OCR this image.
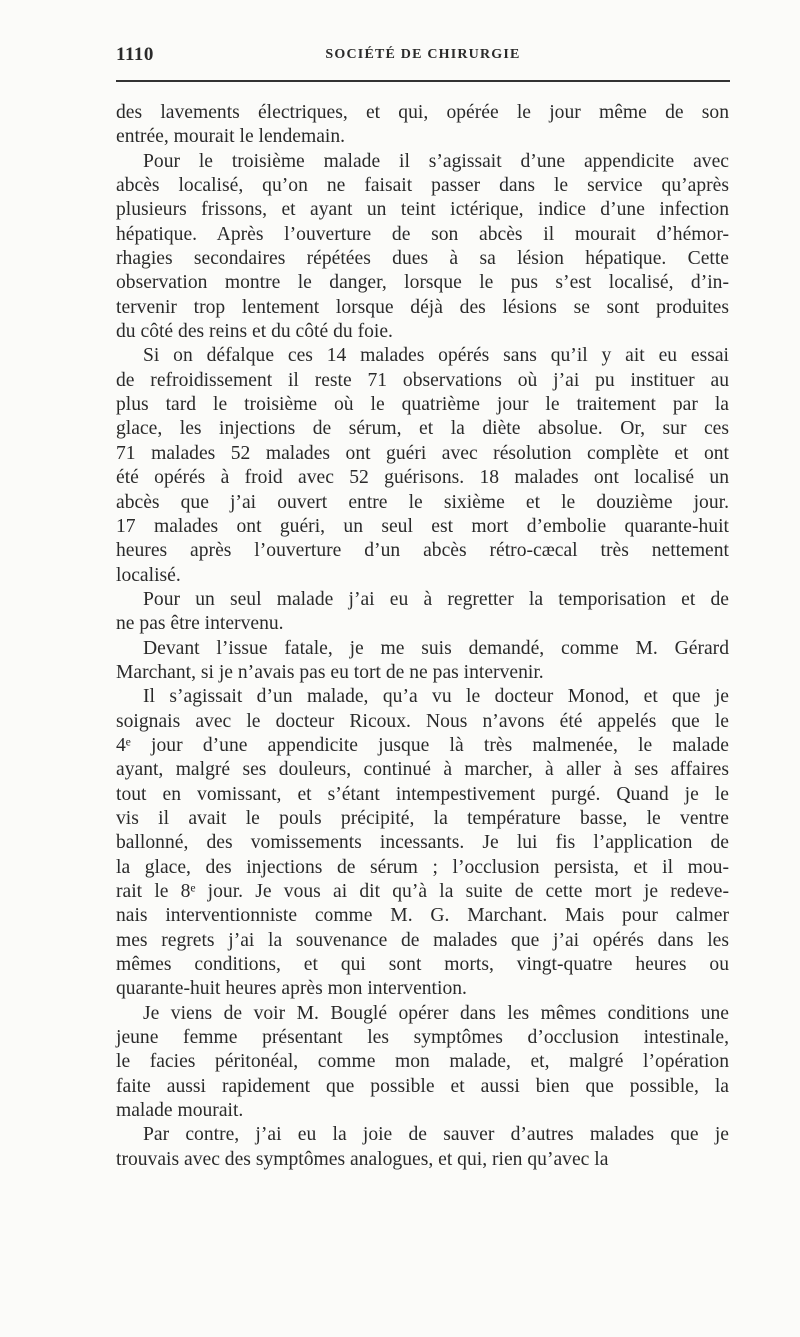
1110	SOCIÉTÉ DE CHIRURGIE
des lavements électriques, et qui, opérée le jour même de son
entrée, mourait le lendemain.
Pour le troisième malade il s’agissait d’une appendicite avec
abcès localisé, qu’on ne faisait passer dans le service qu’après
plusieurs frissons, et ayant un teint ictérique, indice d’une infection
hépatique. Après l’ouverture de son abcès il mourait d’hémor-
rhagies secondaires répétées dues à sa lésion hépatique. Cette
observation montre le danger, lorsque le pus s’est localisé, d’in-
tervenir trop lentement lorsque déjà des lésions se sont produites
du côté des reins et du côté du foie.
Si on défalque ces 14 malades opérés sans qu’il y ait eu essai
de refroidissement il reste 71 observations où j’ai pu instituer au
plus tard le troisième où le quatrième jour le traitement par la
glace, les injections de sérum, et la diète absolue. Or, sur ces
71 malades 52 malades ont guéri avec résolution complète et ont
été opérés à froid avec 52 guérisons. 18 malades ont localisé un
abcès que j’ai ouvert entre le sixième et le douzième jour.
17 malades ont guéri, un seul est mort d’embolie quarante-huit
heures après l’ouverture d’un abcès rétro-cæcal très nettement
localisé.
Pour un seul malade j’ai eu à regretter la temporisation et de
ne pas être intervenu.
Devant l’issue fatale, je me suis demandé, comme M. Gérard
Marchant, si je n’avais pas eu tort de ne pas intervenir.
Il s’agissait d’un malade, qu’a vu le docteur Monod, et que je
soignais avec le docteur Ricoux. Nous n’avons été appelés que le
4ᵉ jour d’une appendicite jusque là très malmenée, le malade
ayant, malgré ses douleurs, continué à marcher, à aller à ses affaires
tout en vomissant, et s’étant intempestivement purgé. Quand je le
vis il avait le pouls précipité, la température basse, le ventre
ballonné, des vomissements incessants. Je lui fis l’application de
la glace, des injections de sérum ; l’occlusion persista, et il mou-
rait le 8ᵉ jour. Je vous ai dit qu’à la suite de cette mort je redeve-
nais interventionniste comme M. G. Marchant. Mais pour calmer
mes regrets j’ai la souvenance de malades que j’ai opérés dans les
mêmes conditions, et qui sont morts, vingt-quatre heures ou
quarante-huit heures après mon intervention.
Je viens de voir M. Bouglé opérer dans les mêmes conditions une
jeune femme présentant les symptômes d’occlusion intestinale,
le facies péritonéal, comme mon malade, et, malgré l’opération
faite aussi rapidement que possible et aussi bien que possible, la
malade mourait.
Par contre, j’ai eu la joie de sauver d’autres malades que je
trouvais avec des symptômes analogues, et qui, rien qu’avec la
